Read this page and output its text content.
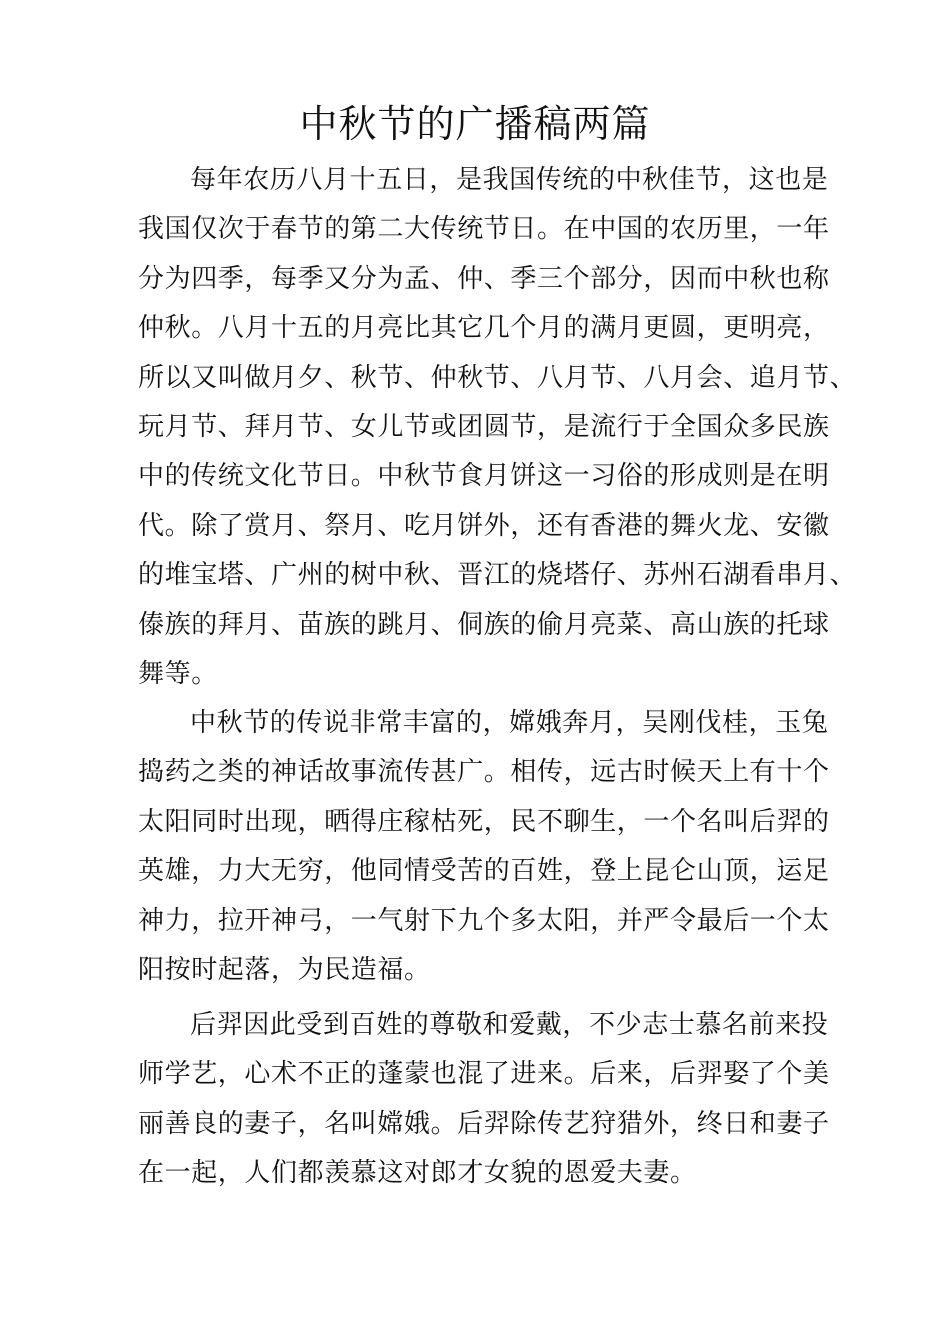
中秋节的广播稿两篇
每年农历八月十五日，是我国传统的中秋佳节，这也是
我国仅次于春节的第二大传统节日。在中国的农历里，一年
分为四季，每季又分为孟、仲、季三个部分，因而中秋也称
仲秋。八月十五的月亮比其它几个月的满月更圆，更明亮，
所以又叫做月夕、秋节、仲秋节、八月节、八月会、追月节、
玩月节、拜月节、女儿节或团圆节，是流行于全国众多民族
中的传统文化节日。中秋节食月饼这一习俗的形成则是在明
代。除了赏月、祭月、吃月饼外，还有香港的舞火龙、安徽
的堆宝塔、广州的树中秋、晋江的烧塔仔、苏州石湖看串月、
傣族的拜月、苗族的跳月、侗族的偷月亮菜、高山族的托球
舞等。
中秋节的传说非常丰富的，嫦娥奔月，吴刚伐桂，玉兔
捣药之类的神话故事流传甚广。相传，远古时候天上有十个
太阳同时出现，晒得庄稼枯死，民不聊生，一个名叫后羿的
英雄，力大无穷，他同情受苦的百姓，登上昆仑山顶，运足
神力，拉开神弓，一气射下九个多太阳，并严令最后一个太
阳按时起落，为民造福。
后羿因此受到百姓的尊敬和爱戴，不少志士慕名前来投
师学艺，心术不正的蓬蒙也混了进来。后来，后羿娶了个美
丽善良的妻子，名叫嫦娥。后羿除传艺狩猎外，终日和妻子
在一起，人们都羡慕这对郎才女貌的恩爱夫妻。
